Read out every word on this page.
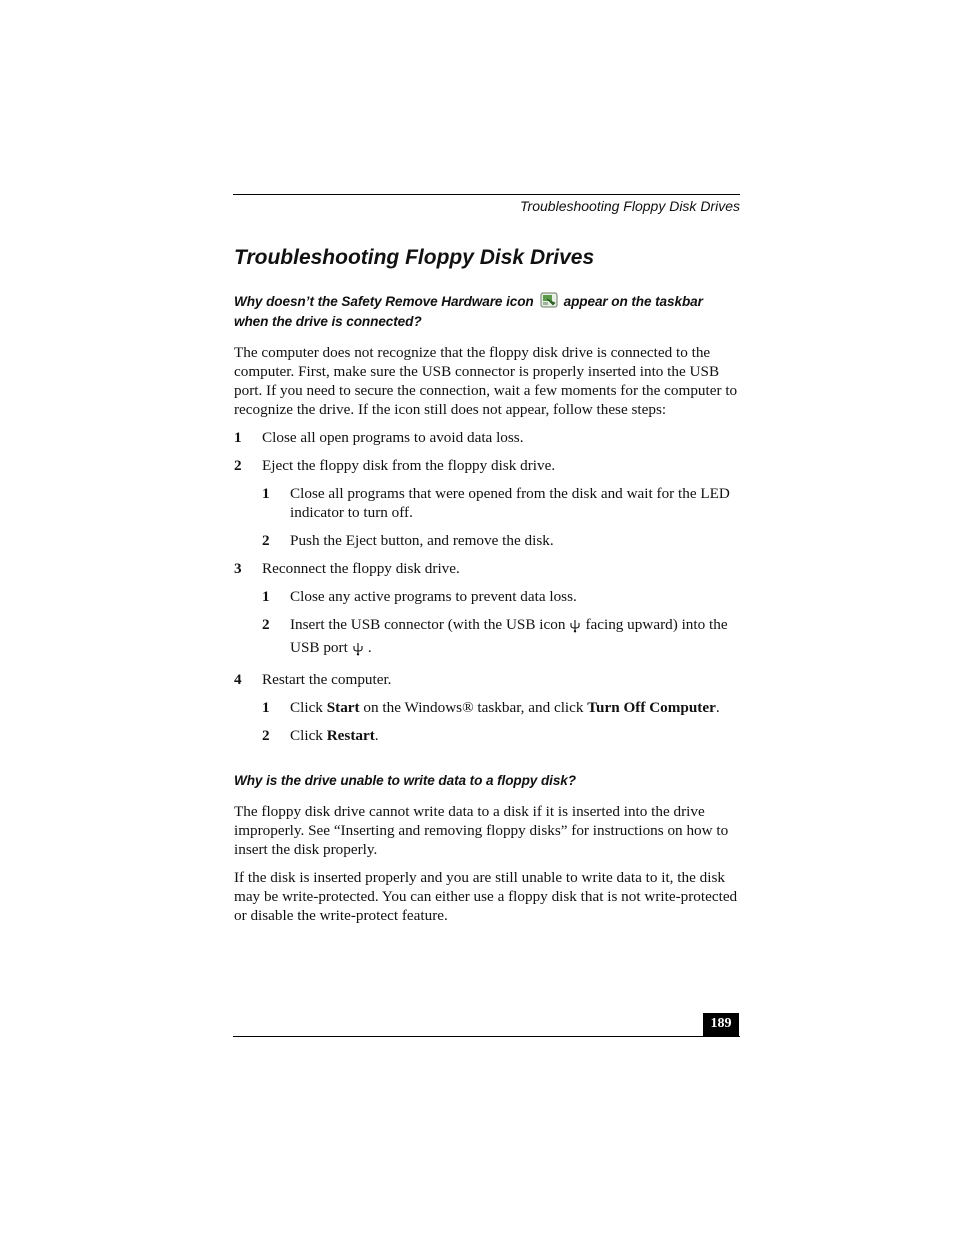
Troubleshooting Floppy Disk Drives
Troubleshooting Floppy Disk Drives
Why doesn’t the Safety Remove Hardware icon appear on the taskbar when the drive is connected?

The computer does not recognize that the floppy disk drive is connected to the computer. First, make sure the USB connector is properly inserted into the USB port. If you need to secure the connection, wait a few moments for the computer to recognize the drive. If the icon still does not appear, follow these steps:

1	Close all open programs to avoid data loss.
2	Eject the floppy disk from the floppy disk drive.
1	Close all programs that were opened from the disk and wait for the LED indicator to turn off.
2	Push the Eject button, and remove the disk.
3	Reconnect the floppy disk drive.
1	Close any active programs to prevent data loss.
2	Insert the USB connector (with the USB icon facing upward) into the USB port .
4	Restart the computer.
1	Click Start on the Windows® taskbar, and click Turn Off Computer.
2	Click Restart.
Why is the drive unable to write data to a floppy disk?

The floppy disk drive cannot write data to a disk if it is inserted into the drive improperly. See “Inserting and removing floppy disks” for instructions on how to insert the disk properly.

If the disk is inserted properly and you are still unable to write data to it, the disk may be write-protected. You can either use a floppy disk that is not write-protected or disable the write-protect feature.

189
